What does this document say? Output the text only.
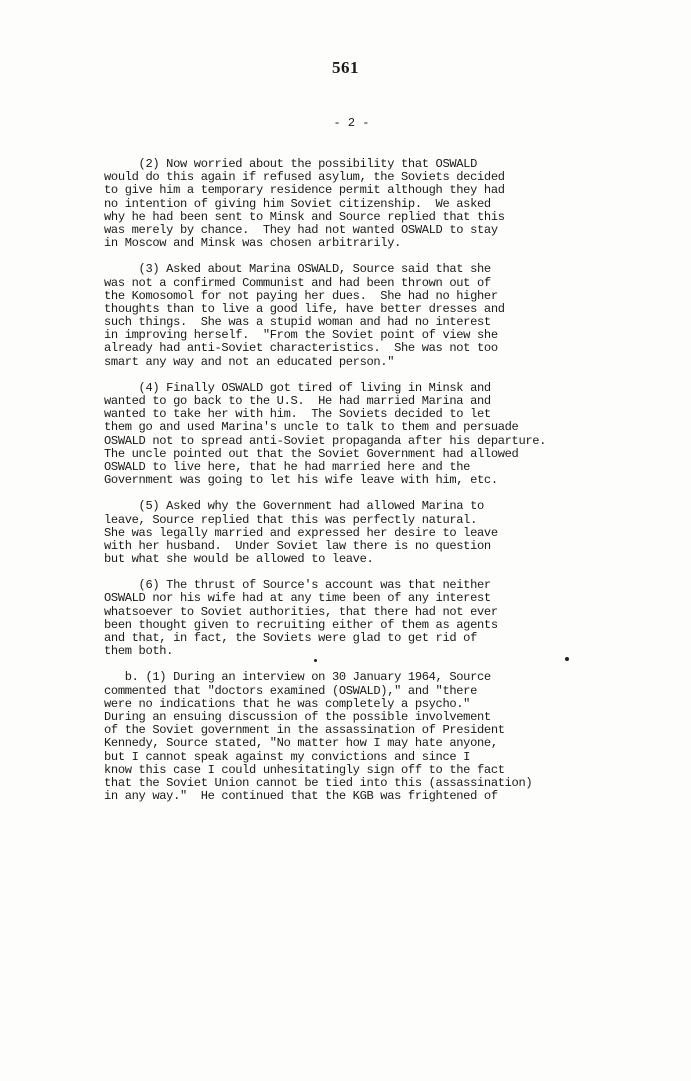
561
- 2 -
(2) Now worried about the possibility that OSWALD
would do this again if refused asylum, the Soviets decided
to give him a temporary residence permit although they had
no intention of giving him Soviet citizenship.  We asked
why he had been sent to Minsk and Source replied that this
was merely by chance.  They had not wanted OSWALD to stay
in Moscow and Minsk was chosen arbitrarily.
(3) Asked about Marina OSWALD, Source said that she
was not a confirmed Communist and had been thrown out of
the Komosomol for not paying her dues.  She had no higher
thoughts than to live a good life, have better dresses and
such things.  She was a stupid woman and had no interest
in improving herself.  "From the Soviet point of view she
already had anti-Soviet characteristics.  She was not too
smart any way and not an educated person."
(4) Finally OSWALD got tired of living in Minsk and
wanted to go back to the U.S.  He had married Marina and
wanted to take her with him.  The Soviets decided to let
them go and used Marina's uncle to talk to them and persuade
OSWALD not to spread anti-Soviet propaganda after his departure.
The uncle pointed out that the Soviet Government had allowed
OSWALD to live here, that he had married here and the
Government was going to let his wife leave with him, etc.
(5) Asked why the Government had allowed Marina to
leave, Source replied that this was perfectly natural.
She was legally married and expressed her desire to leave
with her husband.  Under Soviet law there is no question
but what she would be allowed to leave.
(6) The thrust of Source's account was that neither
OSWALD nor his wife had at any time been of any interest
whatsoever to Soviet authorities, that there had not ever
been thought given to recruiting either of them as agents
and that, in fact, the Soviets were glad to get rid of
them both.
b. (1) During an interview on 30 January 1964, Source
commented that "doctors examined (OSWALD)," and "there
were no indications that he was completely a psycho."
During an ensuing discussion of the possible involvement
of the Soviet government in the assassination of President
Kennedy, Source stated, "No matter how I may hate anyone,
but I cannot speak against my convictions and since I
know this case I could unhesitatingly sign off to the fact
that the Soviet Union cannot be tied into this (assassination)
in any way."  He continued that the KGB was frightened of
